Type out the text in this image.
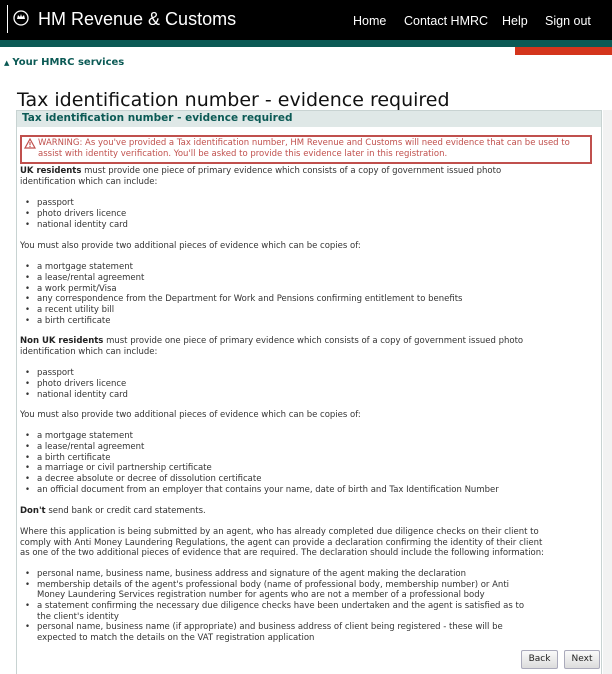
HM Revenue & Customs	Home Contact HMRC Help Sign out
▲ Your HMRC services
Tax identification number - evidence required
Tax identification number - evidence required
WARNING: As you've provided a Tax identification number, HM Revenue and Customs will need evidence that can be used to assist with identity verification. You'll be asked to provide this evidence later in this registration.
UK residents must provide one piece of primary evidence which consists of a copy of government issued photo
identification which can include:
• passport
• photo drivers licence
• national identity card
You must also provide two additional pieces of evidence which can be copies of:
• a mortgage statement
• a lease/rental agreement
• a work permit/Visa
• any correspondence from the Department for Work and Pensions confirming entitlement to benefits
• a recent utility bill
• a birth certificate
Non UK residents must provide one piece of primary evidence which consists of a copy of government issued photo
identification which can include:
• passport
• photo drivers licence
• national identity card
You must also provide two additional pieces of evidence which can be copies of:
• a mortgage statement
• a lease/rental agreement
• a birth certificate
• a marriage or civil partnership certificate
• a decree absolute or decree of dissolution certificate
• an official document from an employer that contains your name, date of birth and Tax Identification Number
Don't send bank or credit card statements.
Where this application is being submitted by an agent, who has already completed due diligence checks on their client to
comply with Anti Money Laundering Regulations, the agent can provide a declaration confirming the identity of their client
as one of the two additional pieces of evidence that are required. The declaration should include the following information:
• personal name, business name, business address and signature of the agent making the declaration
• membership details of the agent's professional body (name of professional body, membership number) or Anti
Money Laundering Services registration number for agents who are not a member of a professional body
• a statement confirming the necessary due diligence checks have been undertaken and the agent is satisfied as to
the client's identity
• personal name, business name (if appropriate) and business address of client being registered - these will be
expected to match the details on the VAT registration application
Back	Next
